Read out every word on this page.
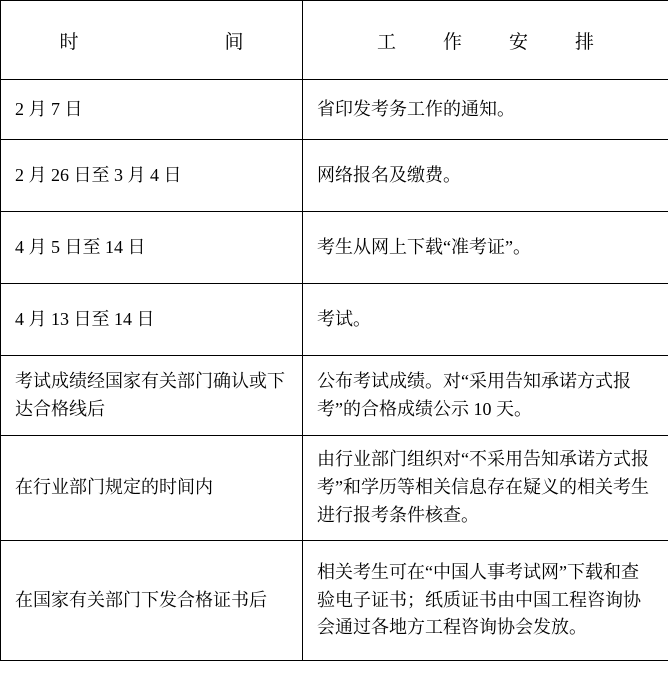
时　　　　间	工　作　安　排

2 月 7 日	省印发考务工作的通知。

2 月 26 日至 3 月 4 日	网络报名及缴费。

4 月 5 日至 14 日	考生从网上下载“准考证”。

4 月 13 日至 14 日	考试。

考试成绩经国家有关部门确认或下达合格线后	公布考试成绩。对“采用告知承诺方式报考”的合格成绩公示 10 天。

在行业部门规定的时间内	由行业部门组织对“不采用告知承诺方式报考”和学历等相关信息存在疑义的相关考生进行报考条件核查。

在国家有关部门下发合格证书后	相关考生可在“中国人事考试网”下载和查验电子证书；纸质证书由中国工程咨询协会通过各地方工程咨询协会发放。
